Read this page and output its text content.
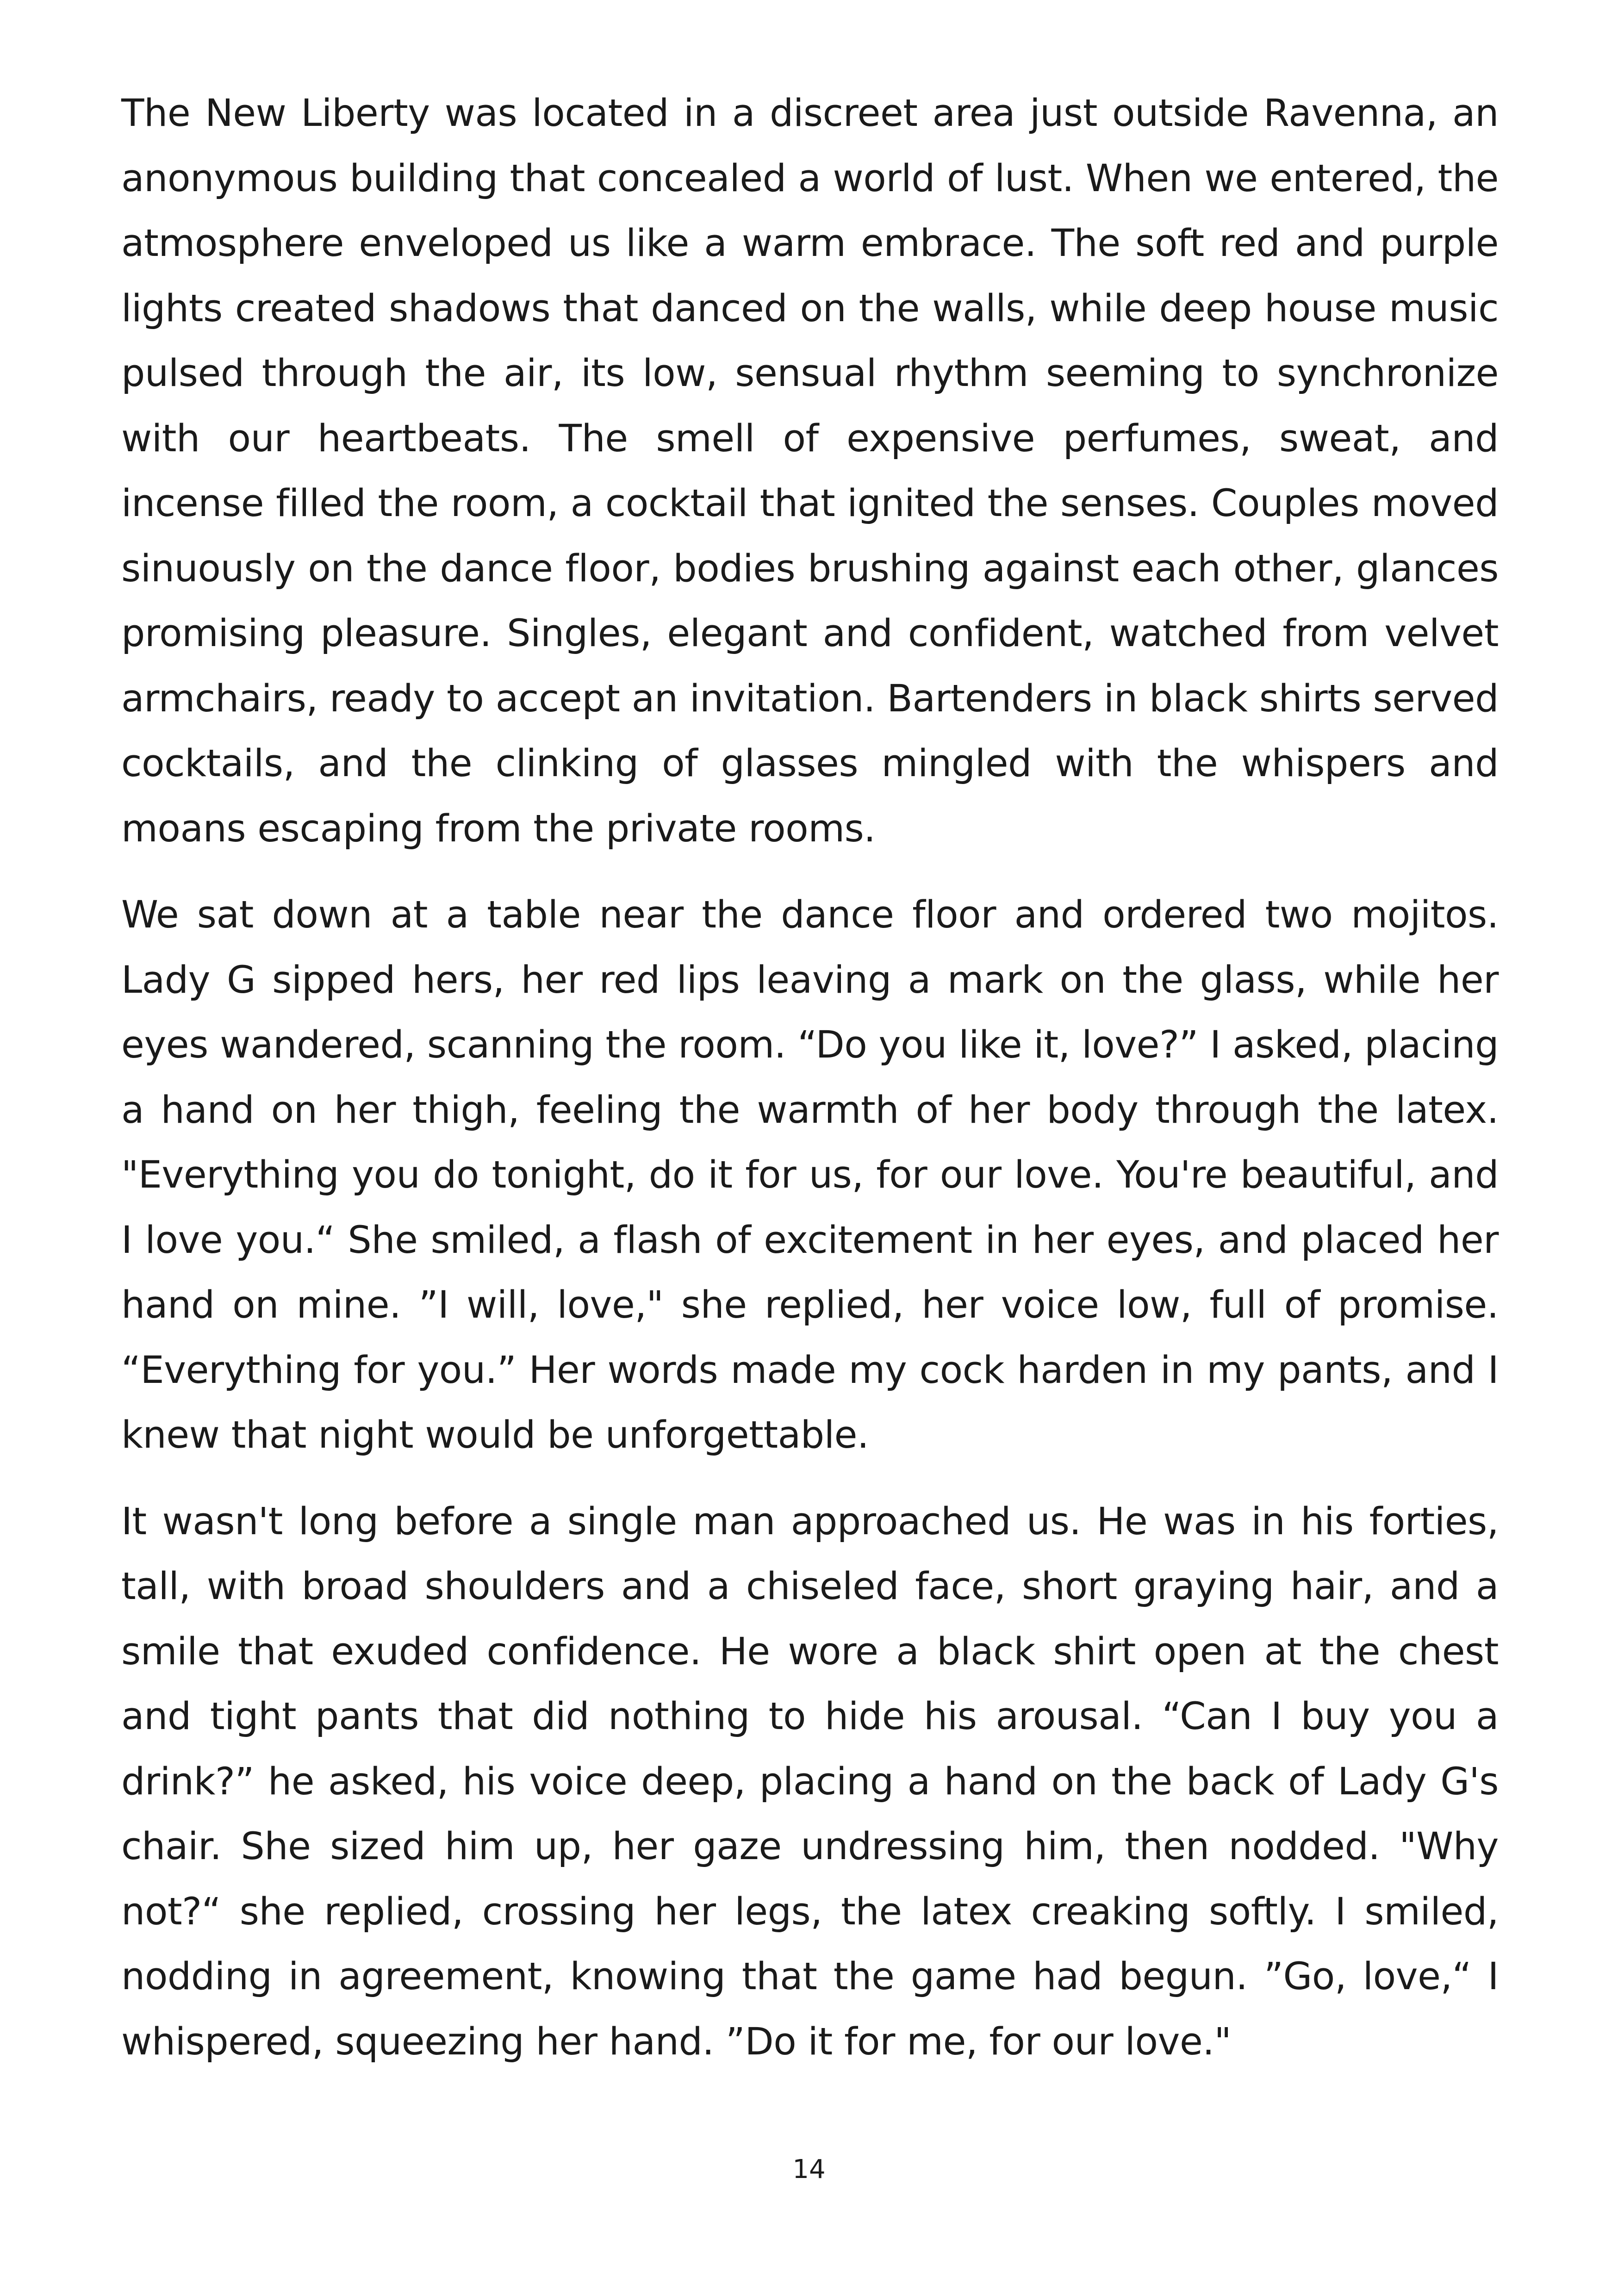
The New Liberty was located in a discreet area just outside Ravenna, an anonymous building that concealed a world of lust. When we entered, the atmosphere enveloped us like a warm embrace. The soft red and purple lights created shadows that danced on the walls, while deep house music pulsed through the air, its low, sensual rhythm seeming to synchronize with our heartbeats. The smell of expensive perfumes, sweat, and incense filled the room, a cocktail that ignited the senses. Couples moved sinuously on the dance floor, bodies brushing against each other, glances promising pleasure. Singles, elegant and confident, watched from velvet armchairs, ready to accept an invitation. Bartenders in black shirts served cocktails, and the clinking of glasses mingled with the whispers and moans escaping from the private rooms.

We sat down at a table near the dance floor and ordered two mojitos. Lady G sipped hers, her red lips leaving a mark on the glass, while her eyes wandered, scanning the room. “Do you like it, love?” I asked, placing a hand on her thigh, feeling the warmth of her body through the latex. "Everything you do tonight, do it for us, for our love. You're beautiful, and I love you.“ She smiled, a flash of excitement in her eyes, and placed her hand on mine. ”I will, love," she replied, her voice low, full of promise. “Everything for you.” Her words made my cock harden in my pants, and I knew that night would be unforgettable.

It wasn't long before a single man approached us. He was in his forties, tall, with broad shoulders and a chiseled face, short graying hair, and a smile that exuded confidence. He wore a black shirt open at the chest and tight pants that did nothing to hide his arousal. “Can I buy you a drink?” he asked, his voice deep, placing a hand on the back of Lady G's chair. She sized him up, her gaze undressing him, then nodded. "Why not?“ she replied, crossing her legs, the latex creaking softly. I smiled, nodding in agreement, knowing that the game had begun. ”Go, love,“ I whispered, squeezing her hand. ”Do it for me, for our love."

14
